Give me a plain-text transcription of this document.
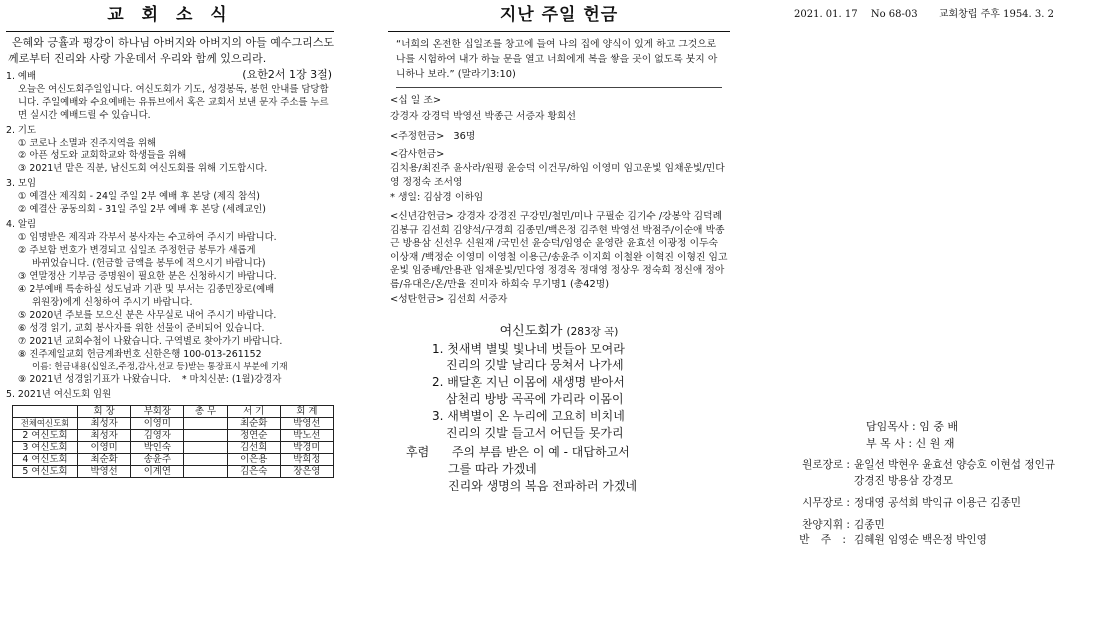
교 회 소 식
은혜와 긍휼과 평강이 하나님 아버지와 아버지의 아들 예수그리스도께로부터 진리와 사랑 가운데서 우리와 함께 있으리라.
(요한2서 1장 3절)
1. 예배
오늘은 여신도회주일입니다. 여신도회가 기도, 성경봉독, 봉헌 안내를 담당합니다. 주일예배와 수요예배는 유튜브에서 혹은 교회서 보낸 문자 주소를 누르면 실시간 예배드릴 수 있습니다.
2. 기도
① 코로나 소멸과 진주지역을 위해
② 아픈 성도와 교회학교와 학생들을 위해
③ 2021년 맡은 직분, 남신도회 여신도회를 위해 기도합시다.
3. 모임
① 예결산 제직회 - 24일 주일 2부 예배 후 본당 (제직 참석)
② 예결산 공동의회 - 31일 주일 2부 예배 후 본당 (세례교인)
4. 알림
① 임명받은 제직과 각부서 봉사자는 수고하여 주시기 바랍니다.
② 주보함 번호가 변경되고 십일조 주정헌금 봉투가 새롭게
바뀌었습니다. (헌금할 금액을 봉투에 적으시기 바랍니다)
③ 연말정산 기부금 증명원이 필요한 분은 신청하시기 바랍니다.
④ 2부예배 특송하실 성도님과 기관 및 부서는 김종민장로(예배
위원장)에게 신청하여 주시기 바랍니다.
⑤ 2020년 주보를 모으신 분은 사무실로 내어 주시기 바랍니다.
⑥ 성경 읽기, 교회 봉사자를 위한 선물이 준비되어 있습니다.
⑦ 2021년 교회수첩이 나왔습니다. 구역별로 찾아가기 바랍니다.
⑧ 진주제일교회 헌금계좌번호 신한은행 100-013-261152
이름: 헌금내용(십일조,주정,감사,선교 등)받는 통장표시 부분에 기재
⑨ 2021년 성경읽기표가 나왔습니다. * 마치신분: (1월)강경자
5. 2021년 여신도회 임원
	회 장	부회장	총 무	서 기	회 계
전체여신도회	최성자	이영미		최순화	박영선
2 여신도회	최성자	김영자		정연순	박노선
3 여신도회	이영미	박인숙		김선희	박경미
4 여신도회	최순화	송윤주		이은용	박희정
5 여신도회	박영선	이계연		김은숙	장은영
지난 주일 헌금
“너희의 온전한 십일조를 창고에 들여 나의 집에 양식이 있게 하고 그것으로 나를 시험하여 내가 하늘 문을 열고 너희에게 복을 쌓을 곳이 없도록 붓지 아니하나 보라.” (말라기3:10)
<십 일 조>
강경자 강경덕 박영선 박종근 서증자 황희선
<주정헌금> 36명
<감사헌금>
김치용/최진주 윤사라/원평 윤승덕 이건무/하임 이영미 임고운빛 임채운빛/민다영 정정숙 조서영
* 생일: 김삼경 이하임
<신년감헌금> 강경자 강경진 구강민/철민/미나 구필순 김기수 /강봉악 김덕례 김봉규 김선희 김양석/구경희 김종민/백은정 김주현 박영선 박점주/이순애 박종근 방용삼 신선우 신원재 /국민선 윤승덕/임영순 윤영란 윤효선 이광정 이두숙 이상재 /백정순 이영미 이영철 이용근/송윤주 이지희 이철완 이혁진 이형진 임고운빛 임중배/안용관 임채운빛/민다영 정경옥 정대영 정상우 정숙희 정신애 정아름/유대은/온/만율 진미자 하희숙 무기명1 (총42명)
<성탄헌금> 김선희 서증자
여신도회가 (283장 곡)
1. 첫새벽 별빛 빛나네 벗들아 모여라
진리의 깃발 날리다 뭉쳐서 나가세
2. 배달혼 지닌 이몸에 새생명 받아서
삼천리 방방 곡곡에 가리라 이몸이
3. 새벽별이 온 누리에 고요히 비치네
진리의 깃발 들고서 어딘들 못가리
후렴 주의 부름 받은 이 예 - 대답하고서
그를 따라 가겠네
진리와 생명의 복음 전파하러 가겠네
2021. 01. 17 No 68-03 교회창립 주후 1954. 3. 2
담임목사 : 임 중 배
부 목 사 : 신 원 재
원로장로 : 윤일선 박현우 윤효선 양승호 이현섭 정인규 강경진 방용삼 강경모
시무장로 : 정대영 공석희 박익규 이용근 김종민
찬양지휘 : 김종민
반 주 : 김혜원 임영순 백은정 박인영
